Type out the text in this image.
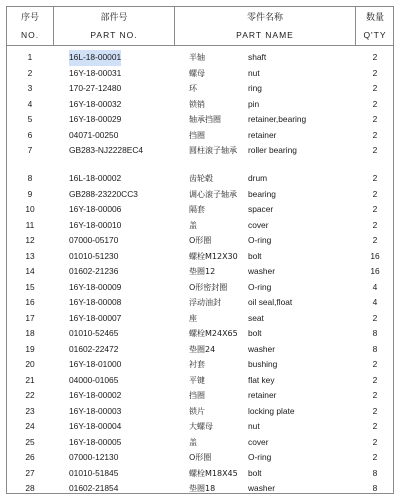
序号
NO.
部件号
PART NO.
零件名称
PART NAME
数量
Q'TY
1	16L-18-00001	半轴	shaft	2
2	16Y-18-00031	螺母	nut	2
3	170-27-12480	环	ring	2
4	16Y-18-00032	锁销	pin	2
5	16Y-18-00029	轴承挡圈	retainer,bearing	2
6	04071-00250	挡圈	retainer	2
7	GB283-NJ2228EC4	圆柱滚子轴承 roller bearing	2
8	16L-18-00002	齿轮毂	drum	2
9	GB288-23220CC3	调心滚子轴承 bearing	2
10	16Y-18-00006	隔套	spacer	2
11	16Y-18-00010	盖	cover	2
12	07000-05170	O形圈	O-ring	2
13	01010-51230	螺栓M12X30 bolt	16
14	01602-21236	垫圈12	washer	16
15	16Y-18-00009	O形密封圈 O-ring	4
16	16Y-18-00008	浮动油封	oil seal,float	4
17	16Y-18-00007	座	seat	2
18	01010-52465	螺栓M24X65 bolt	8
19	01602-22472	垫圈24	washer	8
20	16Y-18-01000	衬套	bushing	2
21	04000-01065	平键	flat key	2
22	16Y-18-00002	挡圈	retainer	2
23	16Y-18-00003	锁片	locking plate	2
24	16Y-18-00004	大螺母	nut	2
25	16Y-18-00005	盖	cover	2
26	07000-12130	O形圈	O-ring	2
27	01010-51845	螺栓M18X45 bolt	8
28	01602-21854	垫圈18	washer	8
